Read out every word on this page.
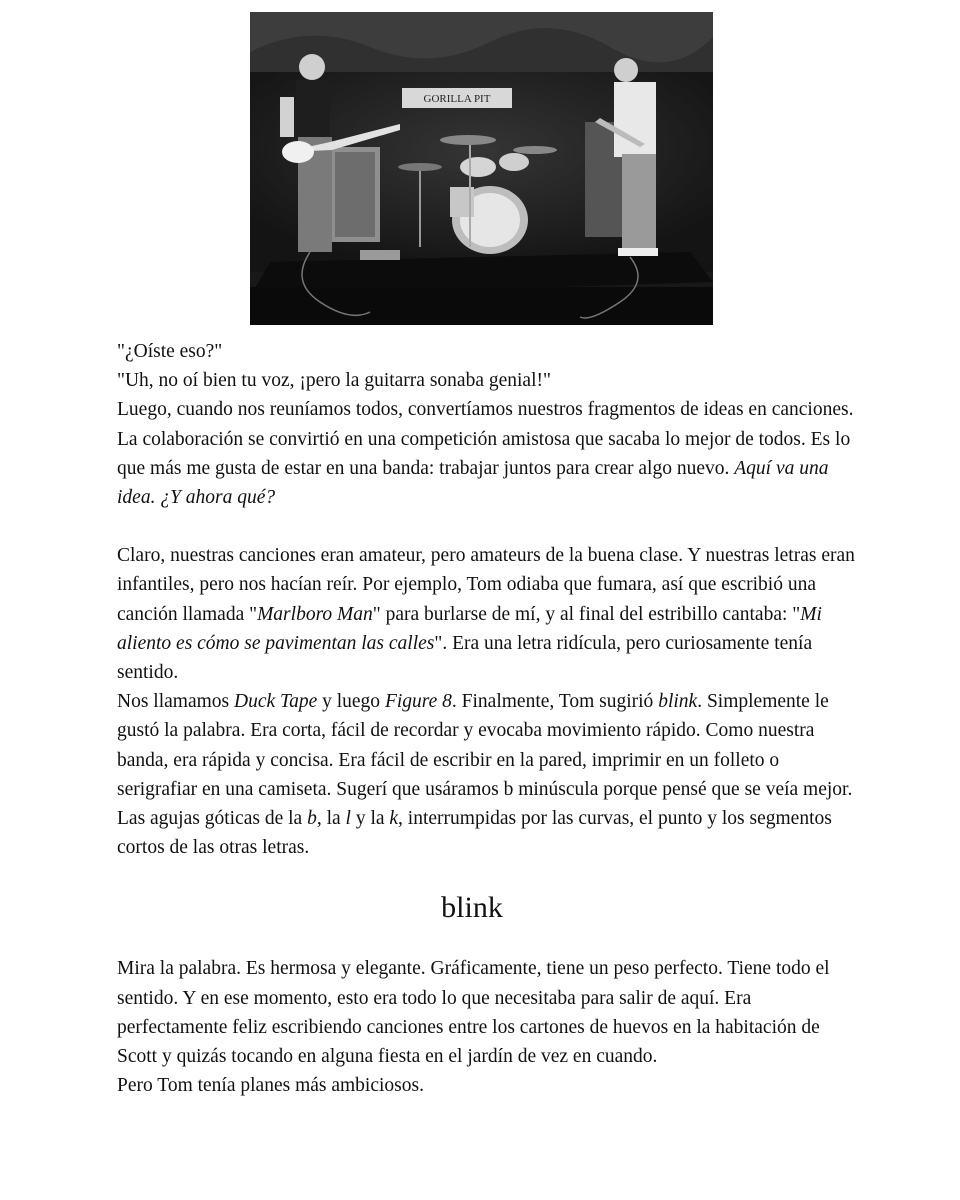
GORILLA PIT

"¿Oíste eso?"

"Uh, no oí bien tu voz, ¡pero la guitarra sonaba genial!"

Luego, cuando nos reuníamos todos, convertíamos nuestros fragmentos de ideas en canciones. La colaboración se convirtió en una competición amistosa que sacaba lo mejor de todos. Es lo que más me gusta de estar en una banda: trabajar juntos para crear algo nuevo. Aquí va una idea. ¿Y ahora qué?

Claro, nuestras canciones eran amateur, pero amateurs de la buena clase. Y nuestras letras eran infantiles, pero nos hacían reír. Por ejemplo, Tom odiaba que fumara, así que escribió una canción llamada "Marlboro Man" para burlarse de mí, y al final del estribillo cantaba: "Mi aliento es cómo se pavimentan las calles". Era una letra ridícula, pero curiosamente tenía sentido.

Nos llamamos Duck Tape y luego Figure 8. Finalmente, Tom sugirió blink. Simplemente le gustó la palabra. Era corta, fácil de recordar y evocaba movimiento rápido. Como nuestra banda, era rápida y concisa. Era fácil de escribir en la pared, imprimir en un folleto o serigrafiar en una camiseta. Sugerí que usáramos b minúscula porque pensé que se veía mejor. Las agujas góticas de la b, la l y la k, interrumpidas por las curvas, el punto y los segmentos cortos de las otras letras.

blink

Mira la palabra. Es hermosa y elegante. Gráficamente, tiene un peso perfecto. Tiene todo el sentido. Y en ese momento, esto era todo lo que necesitaba para salir de aquí. Era perfectamente feliz escribiendo canciones entre los cartones de huevos en la habitación de Scott y quizás tocando en alguna fiesta en el jardín de vez en cuando.

Pero Tom tenía planes más ambiciosos.
